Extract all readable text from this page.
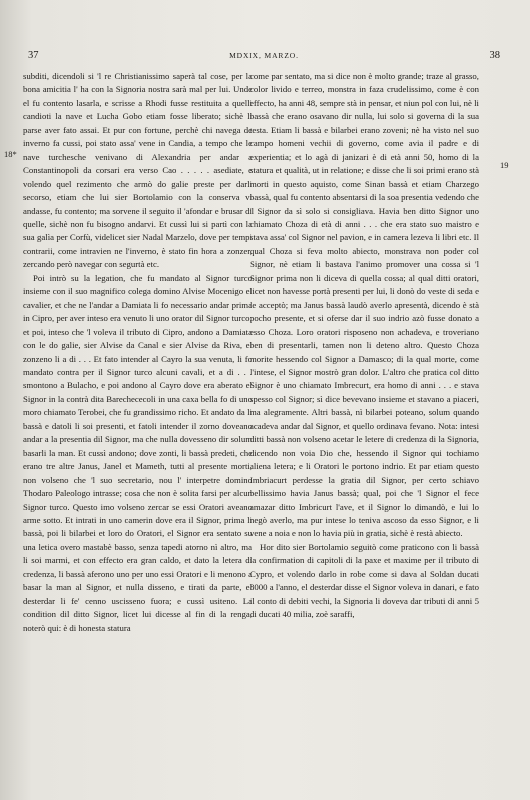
37	MDXIX, MARZO.	38
18*
19

subditi, dicendoli si 'l re Christianissimo saperà tal cose, per la bona amicitia l' ha con la Signoria nostra sarà mal per lui. Unde el fu contento lasarla, e scrisse a Rhodi fusse restituita a quelli candioti la nave et Lucha Gobo etiam fosse liberato; sichè li parse aver fato assai. Et pur con fortune, perchè chi navega de inverno fa cussi, poi stato assa' vene in Candia, a tempo che le nave turchesche venivano di Alexandria per andar a Constantinopoli da corsari era verso Cao . . . . . asediate, e volendo quel rezimento che armò do galie preste per darli secorso, etiam che lui sier Bortolamio con la conserva vi andasse, fu contento; ma sorvene il seguito il 'afondar e brusar di quelle, sichè non fu bisogno andarvi. Et cussì lui si partì con la sua galìa per Corfù, videlicet sier Nadal Marzelo, dove per tempi contrarii, come intravien ne l'inverno, è stato fin hora a zonzer, zercando però navegar con segurtà etc.

Poi intrò su la legation, che fu mandato al Signor turco insieme con il suo magnifico colega domino Alvise Mocenigo el cavalier, et che ne l'andar a Damiata li fo necessario andar prima in Cipro, per aver inteso era venuto li uno orator dil Signor turco; et poi, inteso che 'l voleva il tributo di Cipro, andono a Damiata con le do galie, sier Alvise da Canal e sier Alvise da Riva, el zonzeno li a di . . . Et fato intender al Cayro la sua venuta, li fo mandato contra per il Signor turco alcuni cavali, et a di . . . smontono a Bulacho, e poi andono al Cayro dove era aberato el Signor in la contrà dita Barechececoli in una caxa bella fo di uno moro chiamato Terobei, che fu grandissimo richo. Et andato da li bassà e datoli li soi presenti, et fatoli intender il zorno doveano andar a la presentia dil Signor, ma che nulla dovesseno dir solum basarli la man. Et cussì andono; dove zonti, li bassà predeti, che erano tre altre Janus, Janel et Mameth, tutti al presente morti, non volseno che 'l suo secretario, nou l' interpetre domino Thodaro Paleologo intrasse; cosa che non è solita farsi per alcun Signor turco. Questo imo volseno zercar se essi Oratori aveano arme sotto. Et intrati in uno camerin dove era il Signor, prima li bassà, poi li bilarbei et loro do Oratori, el Signor era sentato su una letica overo mastabè basso, senza tapedi atorno nì altro, ma li soi marmi, et con effecto era gran caldo, et dato la letera di credenza, li bassà aferono uno per uno essi Oratori e li menono a basar la man al Signor, et nulla disseno, e tirati da parte, el desterdar li fe' cenno uscisseno fuora; e cussì usiteno. La condition dil ditto Signor, licet lui dicesse al fin di la renga, noterò qui: è di honesta statura

come par sentato, ma si dice non è molto grande; traze al grasso, color livido e terreo, monstra in faza crudelissimo, come è con effecto, ha anni 48, sempre stà in pensar, et niun pol con lui, nè li bassà che erano osavano dir nulla, lui solo si governa di la sua testa. Etiam li bassà e bilarbei erano zoveni; nè ha visto nel suo campo homeni vechii di governo, come avia il padre e di experientia; et lo agà di janizari è di età anni 50, homo di la statura et qualità, ut in relatione; e disse che li soi primi erano stà morti in questo aquisto, come Sinan bassà et etiam Charzego bassà, qual fu contento absentarsi di la soa presentia vedendo che 'l Signor da sì solo si consigliava. Havia ben ditto Signor uno chiamato Choza di età di anni . . . che era stato suo maistro e stava assa' col Signor nel pavion, e in camera lezeva li libri etc. Il qual Choza si feva molto abiecto, monstrava non poder col Signor, nè etiam li bastava l'animo promover una cossa si 'l Signor prima non li diceva di quella cossa; al qual ditti oratori, licet non havesse portà presenti per lui, li donò do veste di seda e le acceptò; ma Janus bassà laudò averlo apresentà, dicendo è stà pocho presente, et si oferse dar il suo indrio azò fusse donato a esso Choza. Loro oratori risposeno non achadeva, e troveriano ben di presentarli, tamen non li deteno altro. Questo Choza morite hessendo col Signor a Damasco; di la qual morte, come l'intese, el Signor mostrò gran dolor. L'altro che pratica col ditto Signor è uno chiamato Imbrecurt, era homo di anni . . . e stava spesso col Signor; sì dice bevevano insieme et stavano a piaceri, ma alegramente. Altri bassà, nì bilarbei poteano, solum quando acadeva andar dal Signor, et quello ordinava fevano. Nota: intesi ditti bassà non volseno acetar le letere di credenza di la Signoria, dicendo non voia Dio che, hessendo il Signor qui tochiamo aliena letera; e li Oratori le portono indrio. Et par etiam questo Imbriacurt perdesse la gratia dil Signor, per certo schiavo bellissimo havia Janus bassà; qual, poi che 'l Signor el fece amazar ditto Imbricurt l'ave, et il Signor lo dimandò, e lui lo negò averlo, ma pur intese lo teniva ascoso da esso Signor, e li vene a noia e non lo havia più in gratia, sichè è restà abiecto.

Hor dito sier Bortolamio seguitò come praticono con li bassà la confirmation di capitoli di la paxe et maxime per il tributo di Cypro, et volendo darlo in robe come si dava al Soldan ducati 8000 a l'anno, el desterdar disse el Signor voleva in danari, e fato il conto di debiti vechi, la Signoria li doveva dar tributi di anni 5 di ducati 40 milia, zoè saraffi,
